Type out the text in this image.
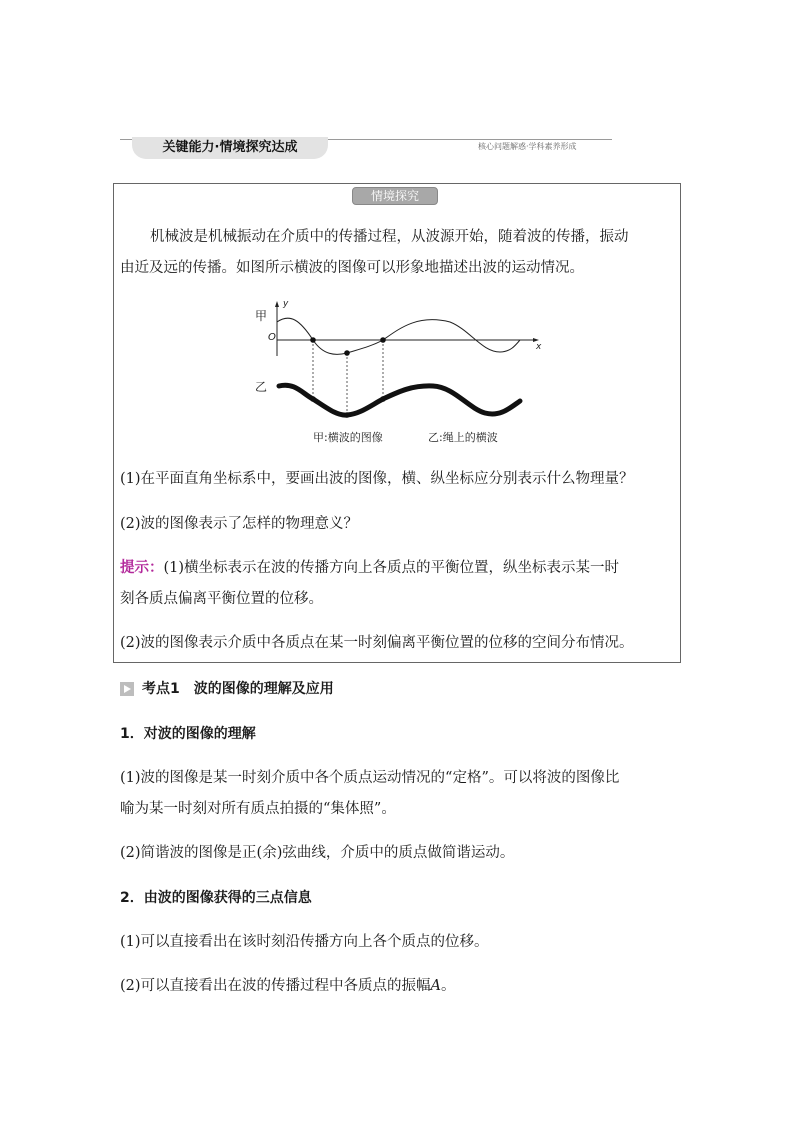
关键能力·情境探究达成	核心问题解惑·学科素养形成
情境探究
机械波是机械振动在介质中的传播过程，从波源开始，随着波的传播，振动
由近及远的传播。如图所示横波的图像可以形象地描述出波的运动情况。
甲
y
O
x
乙
甲:横波的图像	乙:绳上的横波
(1)在平面直角坐标系中，要画出波的图像，横、纵坐标应分别表示什么物理量？
(2)波的图像表示了怎样的物理意义？
提示：(1)横坐标表示在波的传播方向上各质点的平衡位置，纵坐标表示某一时
刻各质点偏离平衡位置的位移。
(2)波的图像表示介质中各质点在某一时刻偏离平衡位置的位移的空间分布情况。
考点1　波的图像的理解及应用
1．对波的图像的理解
(1)波的图像是某一时刻介质中各个质点运动情况的“定格”。可以将波的图像比
喻为某一时刻对所有质点拍摄的“集体照”。
(2)简谐波的图像是正(余)弦曲线，介质中的质点做简谐运动。
2．由波的图像获得的三点信息
(1)可以直接看出在该时刻沿传播方向上各个质点的位移。
(2)可以直接看出在波的传播过程中各质点的振幅A。
